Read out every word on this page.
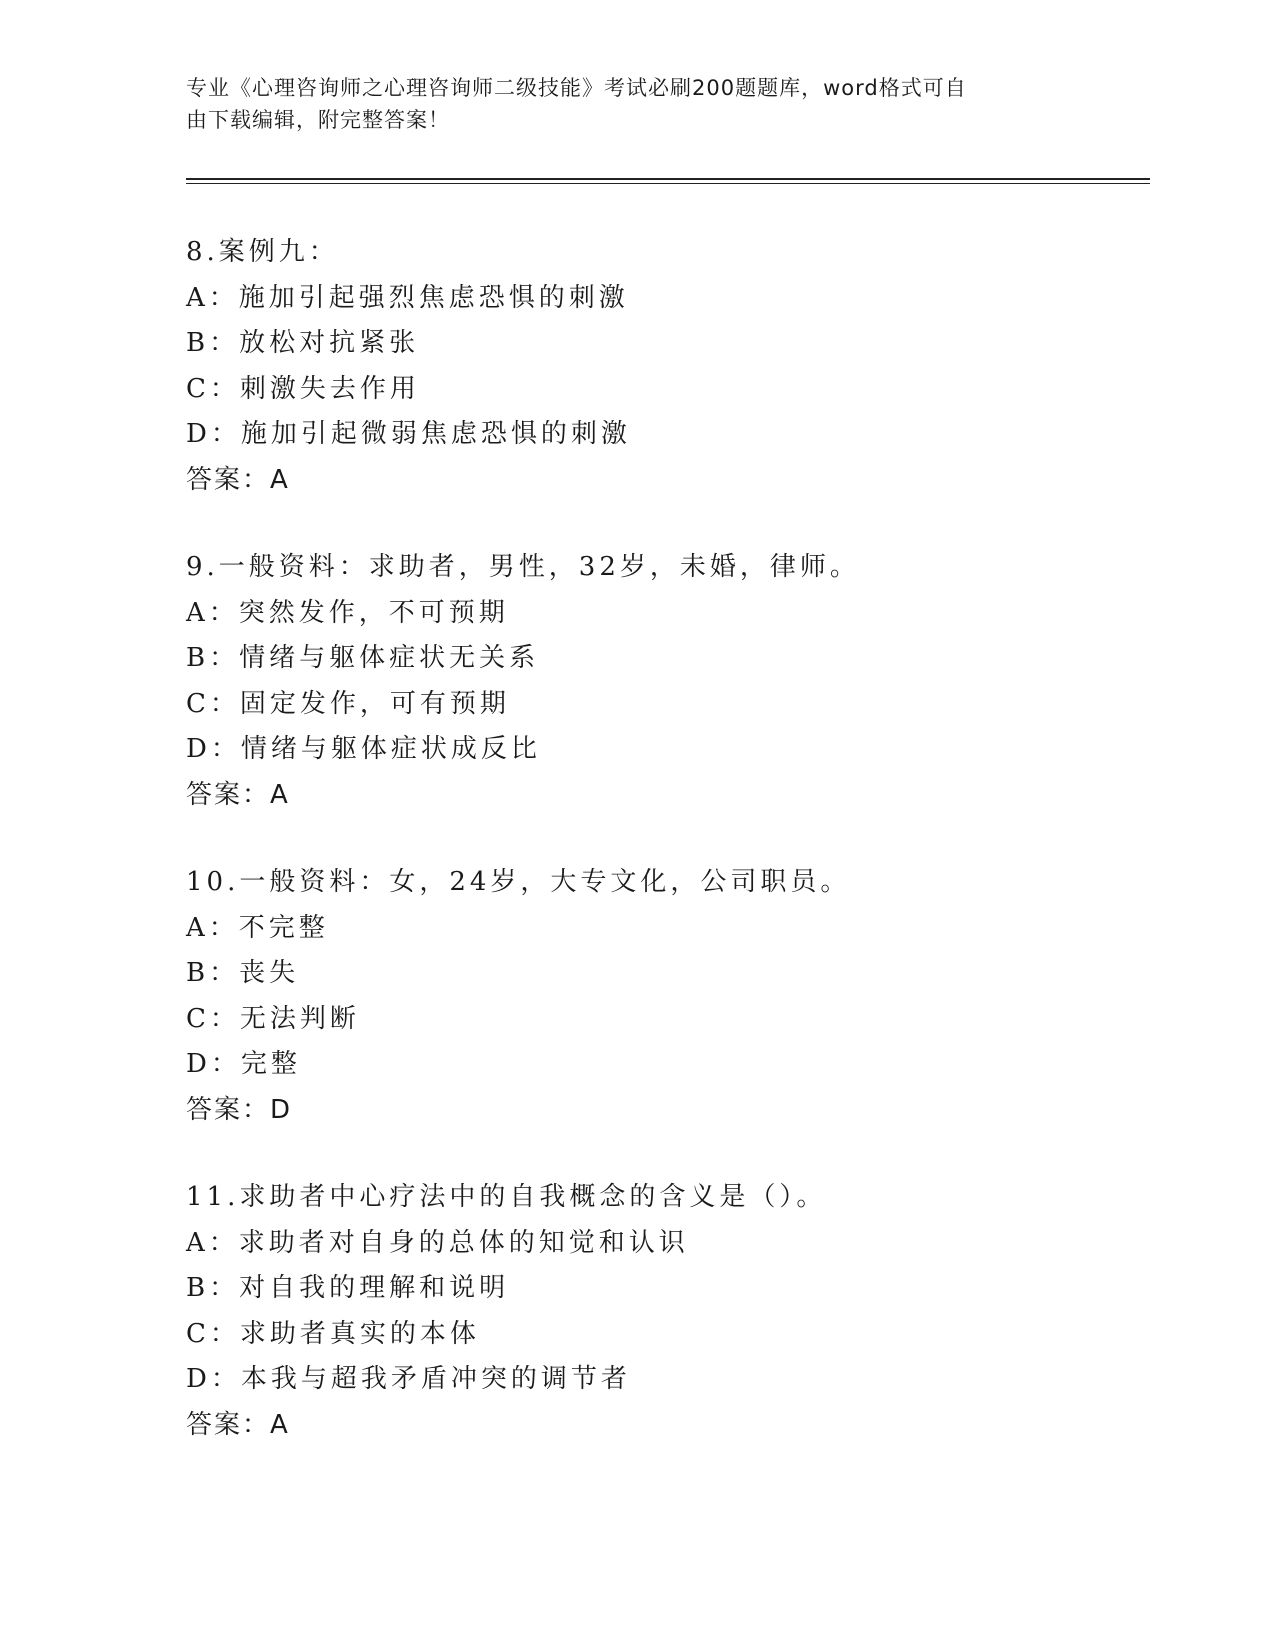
专业《心理咨询师之心理咨询师二级技能》考试必刷200题题库，word格式可自
由下载编辑，附完整答案！
8.案例九：
A：施加引起强烈焦虑恐惧的刺激
B：放松对抗紧张
C：刺激失去作用
D：施加引起微弱焦虑恐惧的刺激
答案：A
9.一般资料：求助者，男性，32岁，未婚，律师。
A：突然发作，不可预期
B：情绪与躯体症状无关系
C：固定发作，可有预期
D：情绪与躯体症状成反比
答案：A
10.一般资料：女，24岁，大专文化，公司职员。
A：不完整
B：丧失
C：无法判断
D：完整
答案：D
11.求助者中心疗法中的自我概念的含义是（）。
A：求助者对自身的总体的知觉和认识
B：对自我的理解和说明
C：求助者真实的本体
D：本我与超我矛盾冲突的调节者
答案：A
